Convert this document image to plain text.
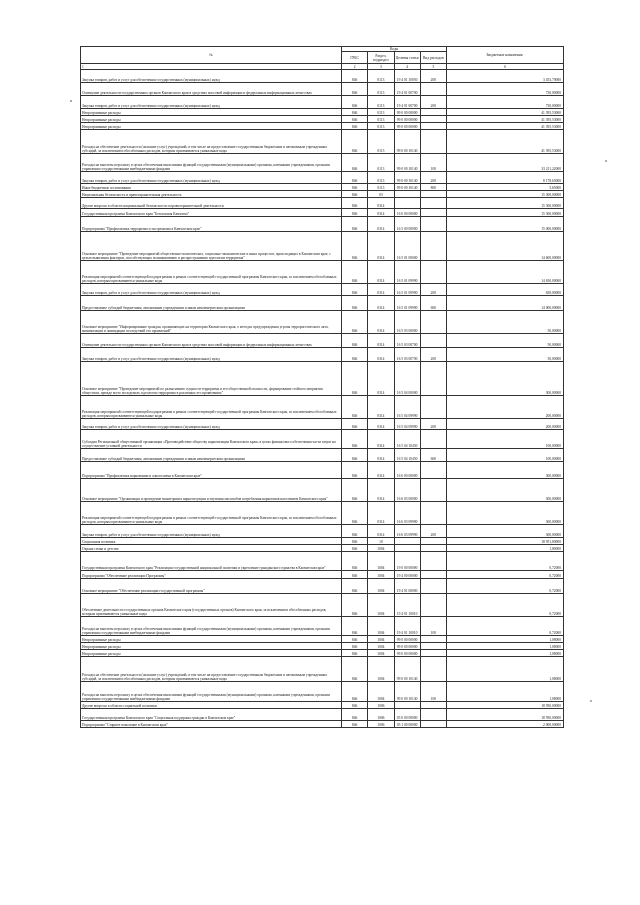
№	Коды				Бюджетные назначения
	ГРБС	Раздел, подраздел	Целевая статья	Вид расходов	
1	2	3	4	5	6
Закупка товаров, работ и услуг для обеспечения государственных (муниципальных) нужд	846	0113	19 4 01 10050	200	3 453,70000
Освещение деятельности государственных органов Камчатского края в средствах массовой информации и федеральных информационных агентствах	846	0113	19 4 01 00700		730,00000
Закупка товаров, работ и услуг для обеспечения государственных (муниципальных) нужд	846	0113	19 4 01 00700	200	730,00000
Непрограммные расходы	846	0113	99 0 00 00000		41 395,53000
Непрограммные расходы	846	0113	99 0 00 00000		41 395,53000
Непрограммные расходы	846	0113	99 0 00 00000		41 395,53000
Расходы на обеспечение деятельности (оказание услуг) учреждений, в том числе на предоставление государственным бюджетным и автономным учреждениям субсидий, за исключением обособленных расходов, которым присваиваются уникальные коды	846	0113	99 0 00 10140		41 395,53000
Расходы на выплаты персоналу в целях обеспечения выполнения функций государственными (муниципальными) органами, казенными учреждениями, органами управления государственными внебюджетными фондами	846	0113	99 0 00 10140	100	33 211,22000
Закупка товаров, работ и услуг для обеспечения государственных (муниципальных) нужд	846	0113	99 0 00 10140	200	8 178,65000
Иные бюджетные ассигнования	846	0113	99 0 00 10140	800	5,65000
Национальная безопасность и правоохранительная деятельность	846	03			15 300,00000
Другие вопросы в области национальной безопасности и правоохранительной деятельности	846	0314			15 300,00000
Государственная программа Камчатского края "Безопасная Камчатка"	846	0314	16 0 00 00000		15 300,00000
Подпрограмма "Профилактика терроризма и экстремизма в Камчатском крае"	846	0314	16 5 00 00000		15 000,00000
Основное мероприятие "Проведение мероприятий общественно-политических, социально-экономических и иных процессов, происходящих в Камчатском крае, с целью выявления факторов, способствующих возникновению и распространению идеологии терроризма"	846	0314	16 5 01 00000		14 600,00000
Реализация мероприятий соответствующей подпрограммы в рамках соответствующей государственной программы Камчатского края, за исключением обособленных расходов, которым присваиваются уникальные коды	846	0314	16 5 01 09990		14 650,00000
Закупка товаров, работ и услуг для обеспечения государственных (муниципальных) нужд	846	0314	16 5 01 09990	200	650,00000
Предоставление субсидий бюджетным, автономным учреждениям и иным некоммерческим организациям	846	0314	16 5 01 09990	600	14 000,00000
Основное мероприятие "Информирование граждан, проживающих на территории Камчатского края, о методах предупреждения угрозы террористического акта, минимизации и ликвидации последствий его проявлений"	846	0314	16 5 03 00000		50,00000
Освещение деятельности государственных органов Камчатского края в средствах массовой информации и федеральных информационных агентствах	846	0314	16 5 03 00700		50,00000
Закупка товаров, работ и услуг для обеспечения государственных (муниципальных) нужд	846	0314	16 5 03 00700	200	50,00000
Основное мероприятие "Проведение мероприятий по разъяснению сущности терроризма и его общественной опасности, формирование стойкого неприятия обществом, прежде всего молодежью, идеологии терроризма в различных его проявлениях"	846	0314	16 5 04 00000		300,00000
Реализация мероприятий соответствующей подпрограммы в рамках соответствующей государственной программы Камчатского края, за исключением обособленных расходов, которым присваиваются уникальные коды	846	0314	16 5 04 09990		200,00000
Закупка товаров, работ и услуг для обеспечения государственных (муниципальных) нужд	846	0314	16 5 04 09990	200	200,00000
Субсидия Региональной общественной организации «Противодействие обществу наркотизации Камчатского края» в целях финансового обеспечения части затрат на осуществление уставной деятельности	846	0314	16 5 04 10450		100,00000
Предоставление субсидий бюджетным, автономным учреждениям и иным некоммерческим организациям	846	0314	16 5 04 10450	600	100,00000
Подпрограмма "Профилактика наркомании и алкоголизма в Камчатском крае"	846	0314	16 6 00 00000		300,00000
Основное мероприятие "Организация и проведение мониторинга наркоситуации и изучения масштабов потребления наркотиков населением Камчатского края"	846	0314	16 6 03 00000		300,00000
Реализация мероприятий соответствующей подпрограммы в рамках соответствующей государственной программы Камчатского края, за исключением обособленных расходов, которым присваиваются уникальные коды	846	0314	16 6 03 09990		300,00000
Закупка товаров, работ и услуг для обеспечения государственных (муниципальных) нужд	846	0314	16 6 03 09990	200	300,00000
Социальная политика	846	10			18 951,80000
Охрана семьи и детства	846	1004			1,80000
Государственная программа Камчатского края "Реализация государственной национальной политики и укрепление гражданского единства в Камчатском крае"	846	1004	19 0 00 00000		0,72000
Подпрограмма "Обеспечение реализации Программы"	846	1004	19 4 00 00000		0,72000
Основное мероприятие "Обеспечение реализации государственной программы"	846	1004	19 4 01 00000		0,72000
Обеспечение деятельности государственных органов Камчатского края (государственных органов) Камчатского края, за исключением обособленных расходов, которым присваиваются уникальные коды	846	1004	19 4 01 10010		0,72000
Расходы на выплаты персоналу в целях обеспечения выполнения функций государственными (муниципальными) органами, казенными учреждениями, органами управления государственными внебюджетными фондами	846	1004	19 4 01 10010	100	0,72000
Непрограммные расходы	846	1004	99 0 00 00000		1,08000
Непрограммные расходы	846	1004	99 0 00 00000		1,08000
Непрограммные расходы	846	1004	99 0 00 00000		1,08000
Расходы на обеспечение деятельности (оказание услуг) учреждений, в том числе на предоставление государственным бюджетным и автономным учреждениям субсидий, за исключением обособленных расходов, которым присваиваются уникальные коды	846	1004	99 0 00 10140		1,08000
Расходы на выплаты персоналу в целях обеспечения выполнения функций государственными (муниципальными) органами, казенными учреждениями, органами управления государственными внебюджетными фондами	846	1004	99 0 00 10140	100	1,08000
Другие вопросы в области социальной политики	846	1006			18 950,00000
Государственная программа Камчатского края "Социальная поддержка граждан в Камчатском крае"	846	1006	05 0 00 00000		18 950,00000
Подпрограмма "Старшее поколение в Камчатском крае"	846	1006	05 1 00 00000		2 000,00000
